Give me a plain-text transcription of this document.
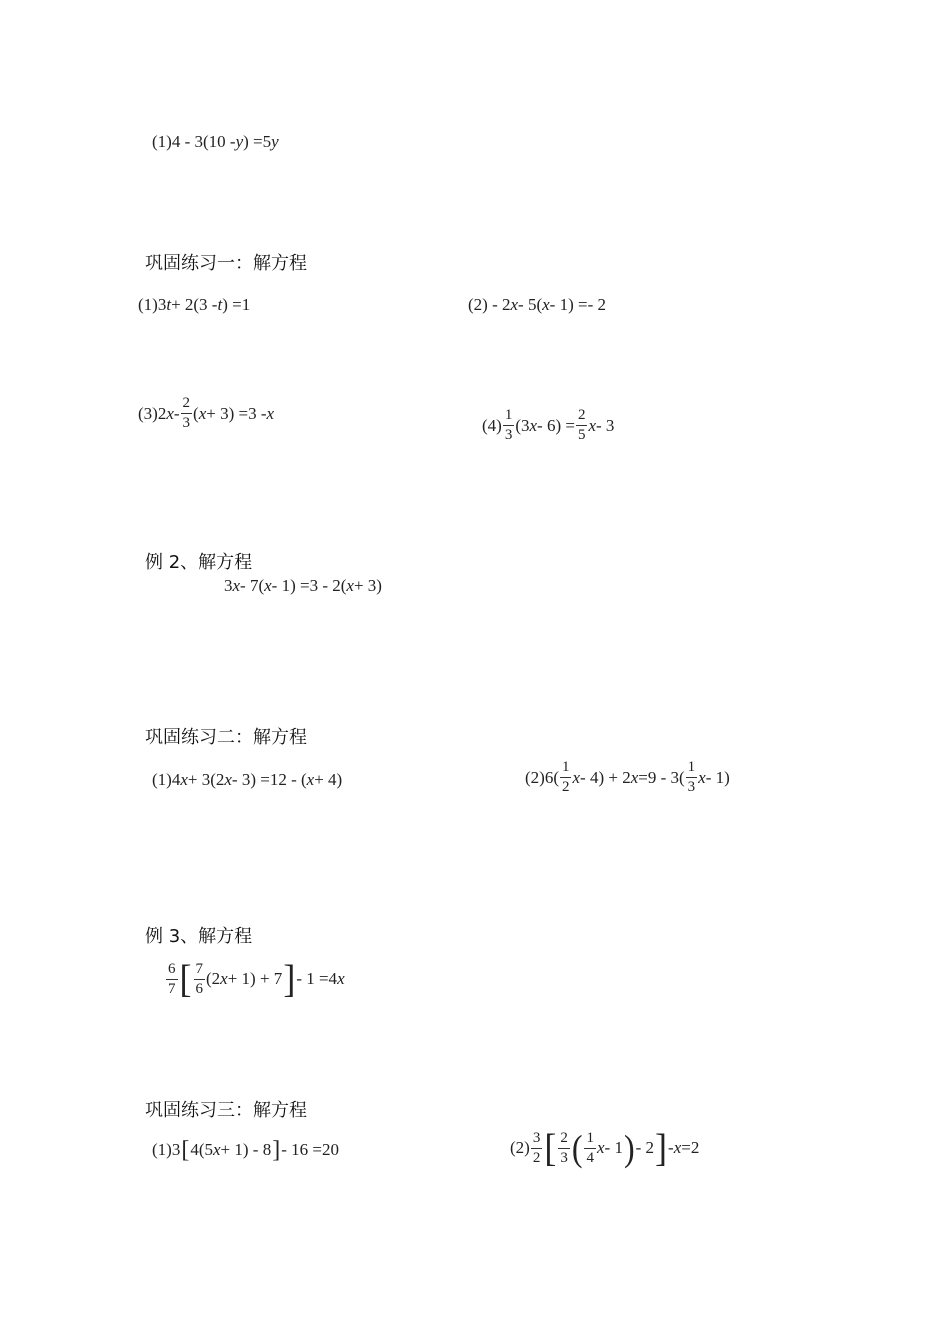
(1) 4 - 3(10 - y ) =5 y
巩固练习一：解方程
(1)3 t + 2(3 - t ) =1	(2) - 2 x - 5( x - 1) =- 2
(3)2 x - $\frac{2}{3}$ ( x + 3) =3 - x
$(4) \frac{1}{3} (3$ $x - 6) = \frac{2}{5}$ x - 3
例 2、解方程
3 x - 7( x - 1) =3 - 2( x + 3)
巩固练习二：解方程
(1)4 x + 3(2 x - 3) =12 - ( x + 4)	$(2)6( \frac{1}{2}$ x - 4) + 2 $x =9 - 3( \frac{1}{3}$ x - 1)
例 3、解方程
$\frac{6}{7}$ [ $\frac{7}{6} (2$ x + 1) + 7 ] - 1 =4 x
巩固练习三：解方程
(1)3 [ 4(5 x + 1) - 8 ] - 16 =20	$(2) \frac{3}{2}$ [ $\frac{2}{3}$ ( $\frac{1}{4}$ x - 1 ) - 2 ] - x =2
